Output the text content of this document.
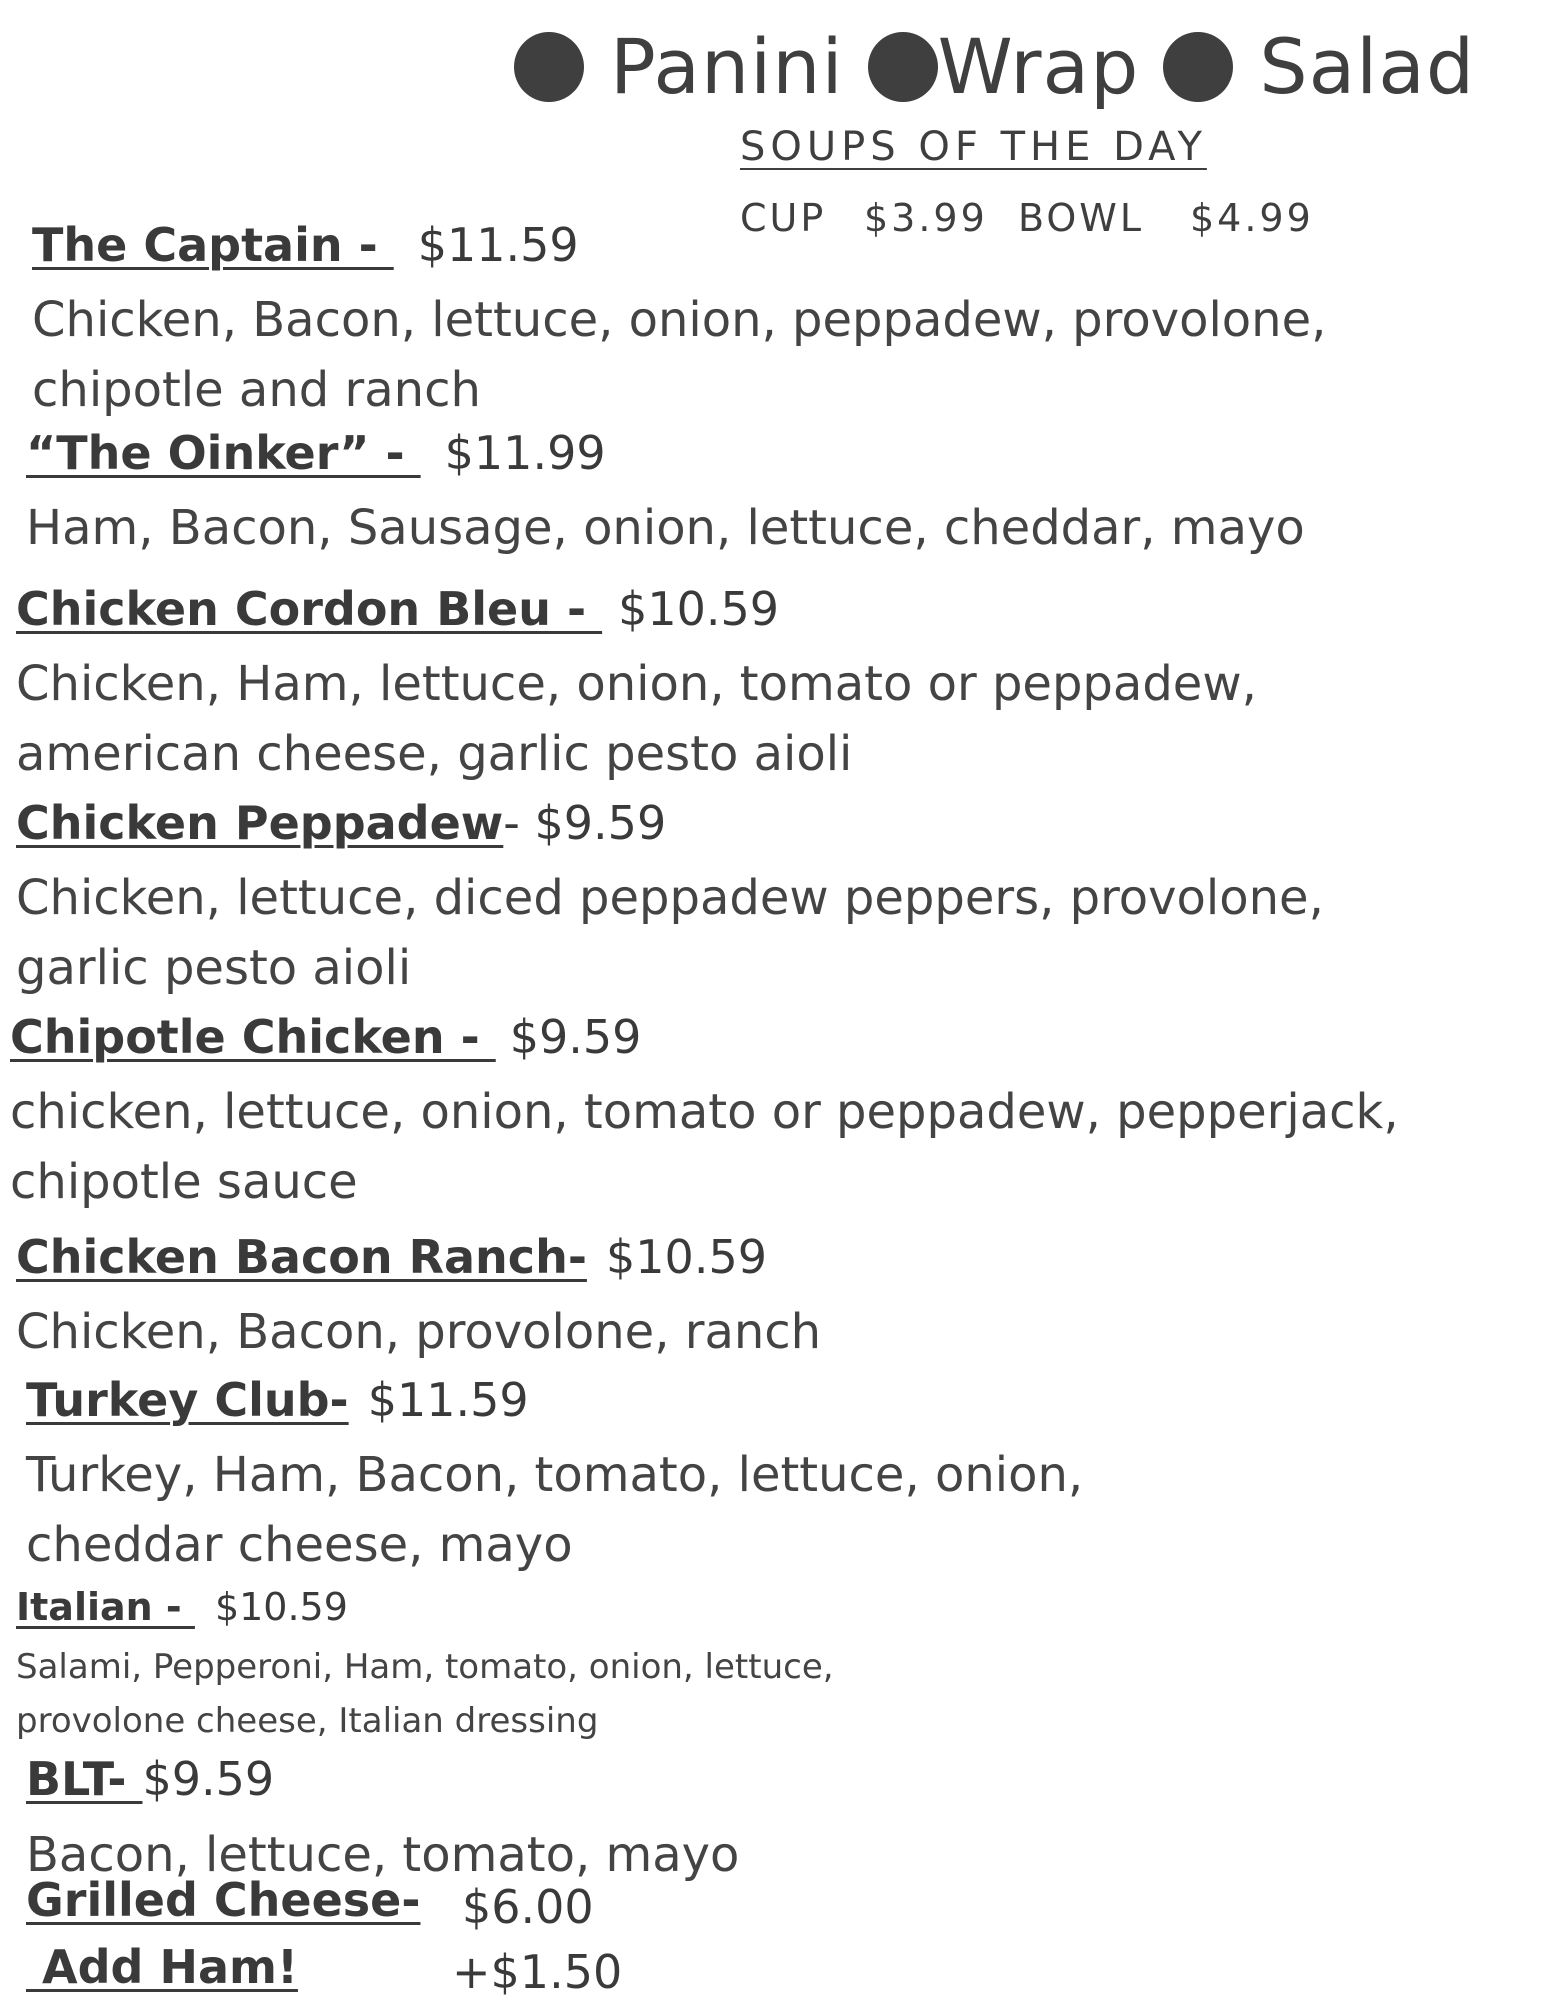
Panini Wrap Salad
SOUPS OF THE DAY
CUP $3.99 BOWL $4.99
The Captain - $11.59
Chicken, Bacon, lettuce, onion, peppadew, provolone,
chipotle and ranch
“The Oinker” - $11.99
Ham, Bacon, Sausage, onion, lettuce, cheddar, mayo
Chicken Cordon Bleu - $10.59
Chicken, Ham, lettuce, onion, tomato or peppadew,
american cheese, garlic pesto aioli
Chicken Peppadew- $9.59
Chicken, lettuce, diced peppadew peppers, provolone,
garlic pesto aioli
Chipotle Chicken - $9.59
chicken, lettuce, onion, tomato or peppadew, pepperjack,
chipotle sauce
Chicken Bacon Ranch- $10.59
Chicken, Bacon, provolone, ranch
Turkey Club- $11.59
Turkey, Ham, Bacon, tomato, lettuce, onion,
cheddar cheese, mayo
Italian - $10.59
Salami, Pepperoni, Ham, tomato, onion, lettuce,
provolone cheese, Italian dressing
BLT- $9.59
Bacon, lettuce, tomato, mayo
Grilled Cheese- $6.00
Add Ham!	+$1.50
